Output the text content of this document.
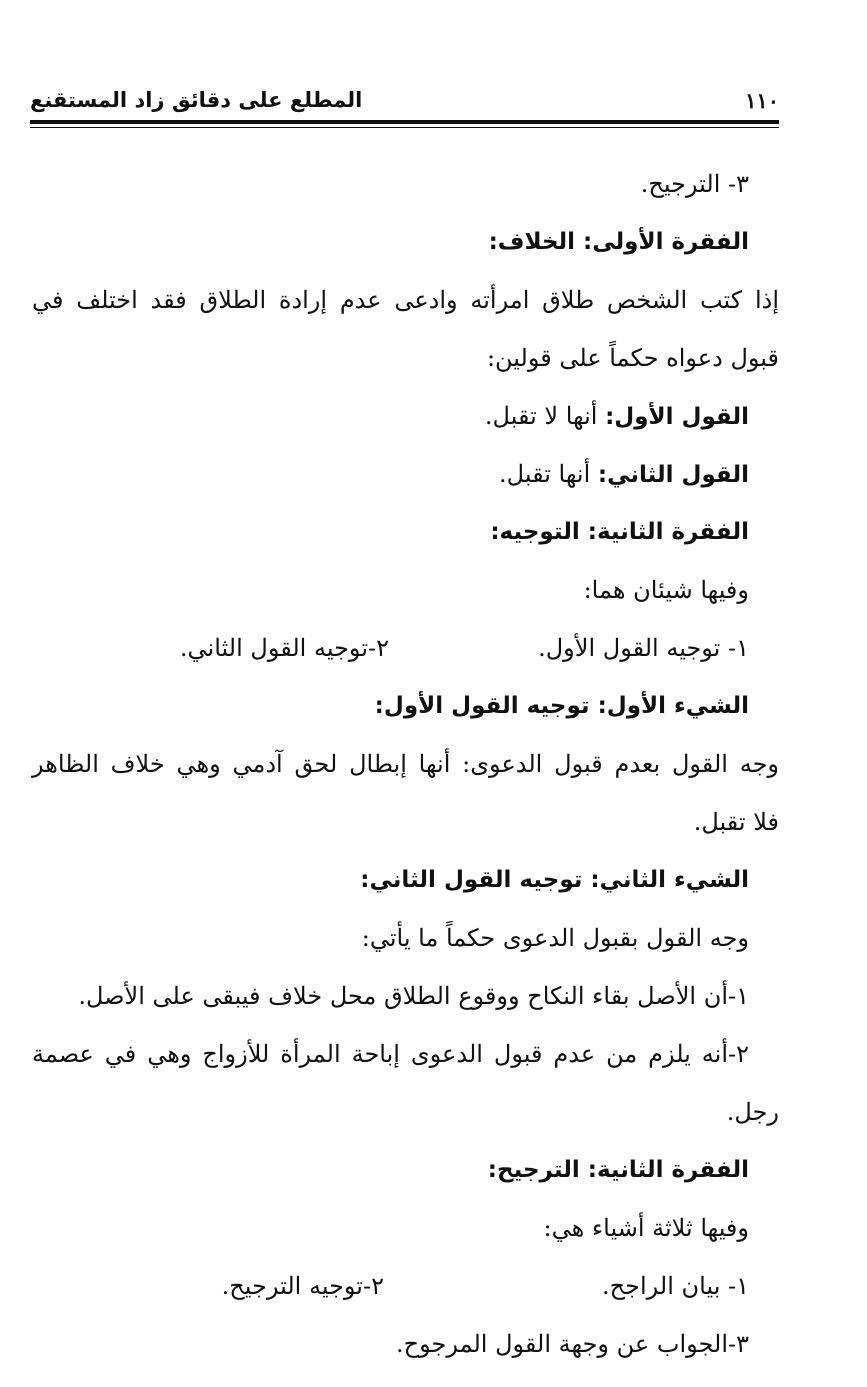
١١٠
المطلع على دقائق زاد المستقنع
٣- الترجيح.
الفقرة الأولى: الخلاف:
إذا كتب الشخص طلاق امرأته وادعى عدم إرادة الطلاق فقد اختلف في
قبول دعواه حكماً على قولين:
القول الأول: أنها لا تقبل.
القول الثاني: أنها تقبل.
الفقرة الثانية: التوجيه:
وفيها شيئان هما:
١- توجيه القول الأول.
٢-توجيه القول الثاني.
الشيء الأول: توجيه القول الأول:
وجه القول بعدم قبول الدعوى: أنها إبطال لحق آدمي وهي خلاف الظاهر
فلا تقبل.
الشيء الثاني: توجيه القول الثاني:
وجه القول بقبول الدعوى حكماً ما يأتي:
١-أن الأصل بقاء النكاح ووقوع الطلاق محل خلاف فيبقى على الأصل.
٢-أنه يلزم من عدم قبول الدعوى إباحة المرأة للأزواج وهي في عصمة
رجل.
الفقرة الثانية: الترجيح:
وفيها ثلاثة أشياء هي:
١- بيان الراجح.
٢-توجيه الترجيح.
٣-الجواب عن وجهة القول المرجوح.
